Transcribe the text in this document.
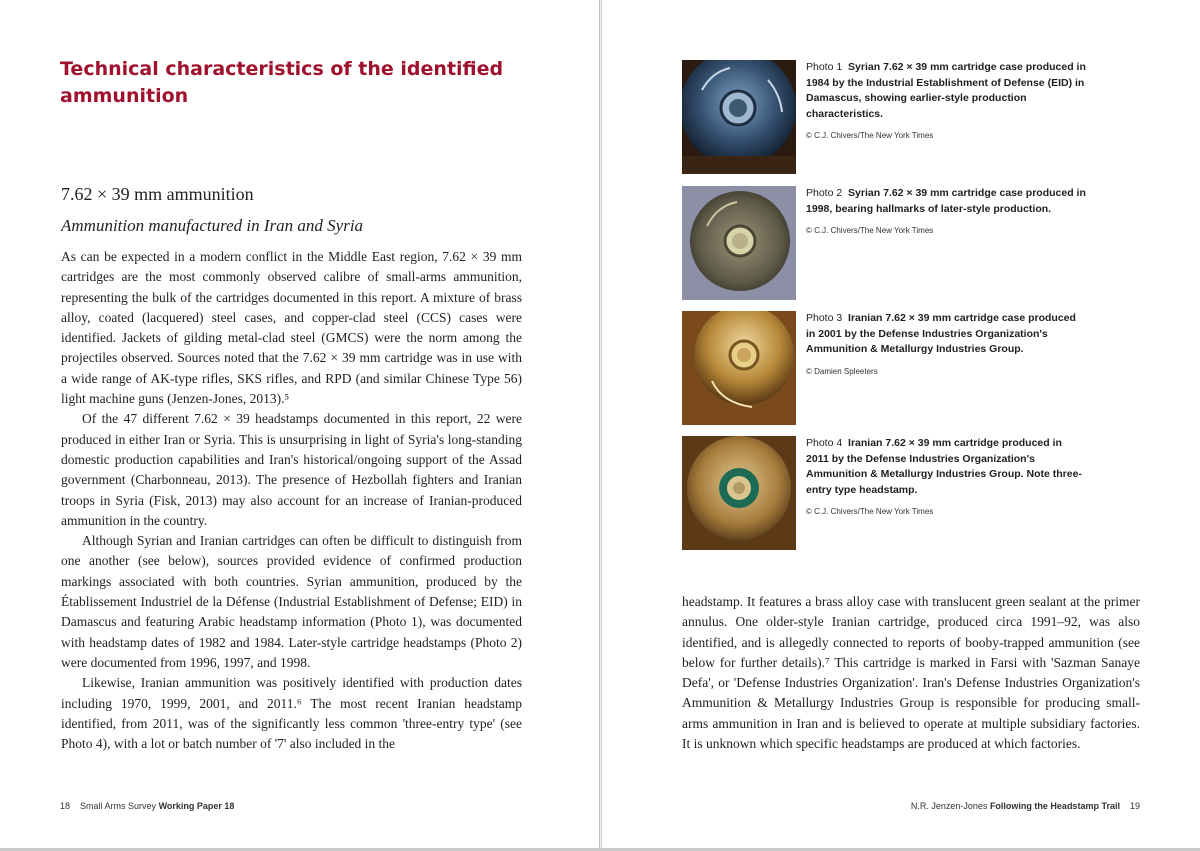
Technical characteristics of the identified ammunition
7.62 × 39 mm ammunition
Ammunition manufactured in Iran and Syria

As can be expected in a modern conflict in the Middle East region, 7.62 × 39 mm cartridges are the most commonly observed calibre of small-arms ammunition, representing the bulk of the cartridges documented in this report. A mixture of brass alloy, coated (lacquered) steel cases, and copper-clad steel (CCS) cases were identified. Jackets of gilding metal-clad steel (GMCS) were the norm among the projectiles observed. Sources noted that the 7.62 × 39 mm cartridge was in use with a wide range of AK-type rifles, SKS rifles, and RPD (and similar Chinese Type 56) light machine guns (Jenzen-Jones, 2013).⁵

Of the 47 different 7.62 × 39 headstamps documented in this report, 22 were produced in either Iran or Syria. This is unsurprising in light of Syria's long-standing domestic production capabilities and Iran's historical/ongoing support of the Assad government (Charbonneau, 2013). The presence of Hezbollah fighters and Iranian troops in Syria (Fisk, 2013) may also account for an increase of Iranian-produced ammunition in the country.

Although Syrian and Iranian cartridges can often be difficult to distinguish from one another (see below), sources provided evidence of confirmed production markings associated with both countries. Syrian ammunition, produced by the Établissement Industriel de la Défense (Industrial Establishment of Defense; EID) in Damascus and featuring Arabic headstamp information (Photo 1), was documented with headstamp dates of 1982 and 1984. Later-style cartridge headstamps (Photo 2) were documented from 1996, 1997, and 1998.

Likewise, Iranian ammunition was positively identified with production dates including 1970, 1999, 2001, and 2011.⁶ The most recent Iranian headstamp identified, from 2011, was of the significantly less common 'three-entry type' (see Photo 4), with a lot or batch number of '7' also included in the

18 Small Arms Survey Working Paper 18
Photo 1 Syrian 7.62 × 39 mm cartridge case produced in 1984 by the Industrial Establishment of Defense (EID) in Damascus, showing earlier-style production characteristics.
© C.J. Chivers/The New York Times
Photo 2 Syrian 7.62 × 39 mm cartridge case produced in 1998, bearing hallmarks of later-style production.
© C.J. Chivers/The New York Times
Photo 3 Iranian 7.62 × 39 mm cartridge case produced in 2001 by the Defense Industries Organization's Ammunition & Metallurgy Industries Group.
© Damien Spleeters
Photo 4 Iranian 7.62 × 39 mm cartridge produced in 2011 by the Defense Industries Organization's Ammunition & Metallurgy Industries Group. Note three-entry type headstamp.
© C.J. Chivers/The New York Times

headstamp. It features a brass alloy case with translucent green sealant at the primer annulus. One older-style Iranian cartridge, produced circa 1991–92, was also identified, and is allegedly connected to reports of booby-trapped ammunition (see below for further details).⁷ This cartridge is marked in Farsi with 'Sazman Sanaye Defa', or 'Defense Industries Organization'. Iran's Defense Industries Organization's Ammunition & Metallurgy Industries Group is responsible for producing small-arms ammunition in Iran and is believed to operate at multiple subsidiary factories. It is unknown which specific headstamps are produced at which factories.

N.R. Jenzen-Jones Following the Headstamp Trail 19
